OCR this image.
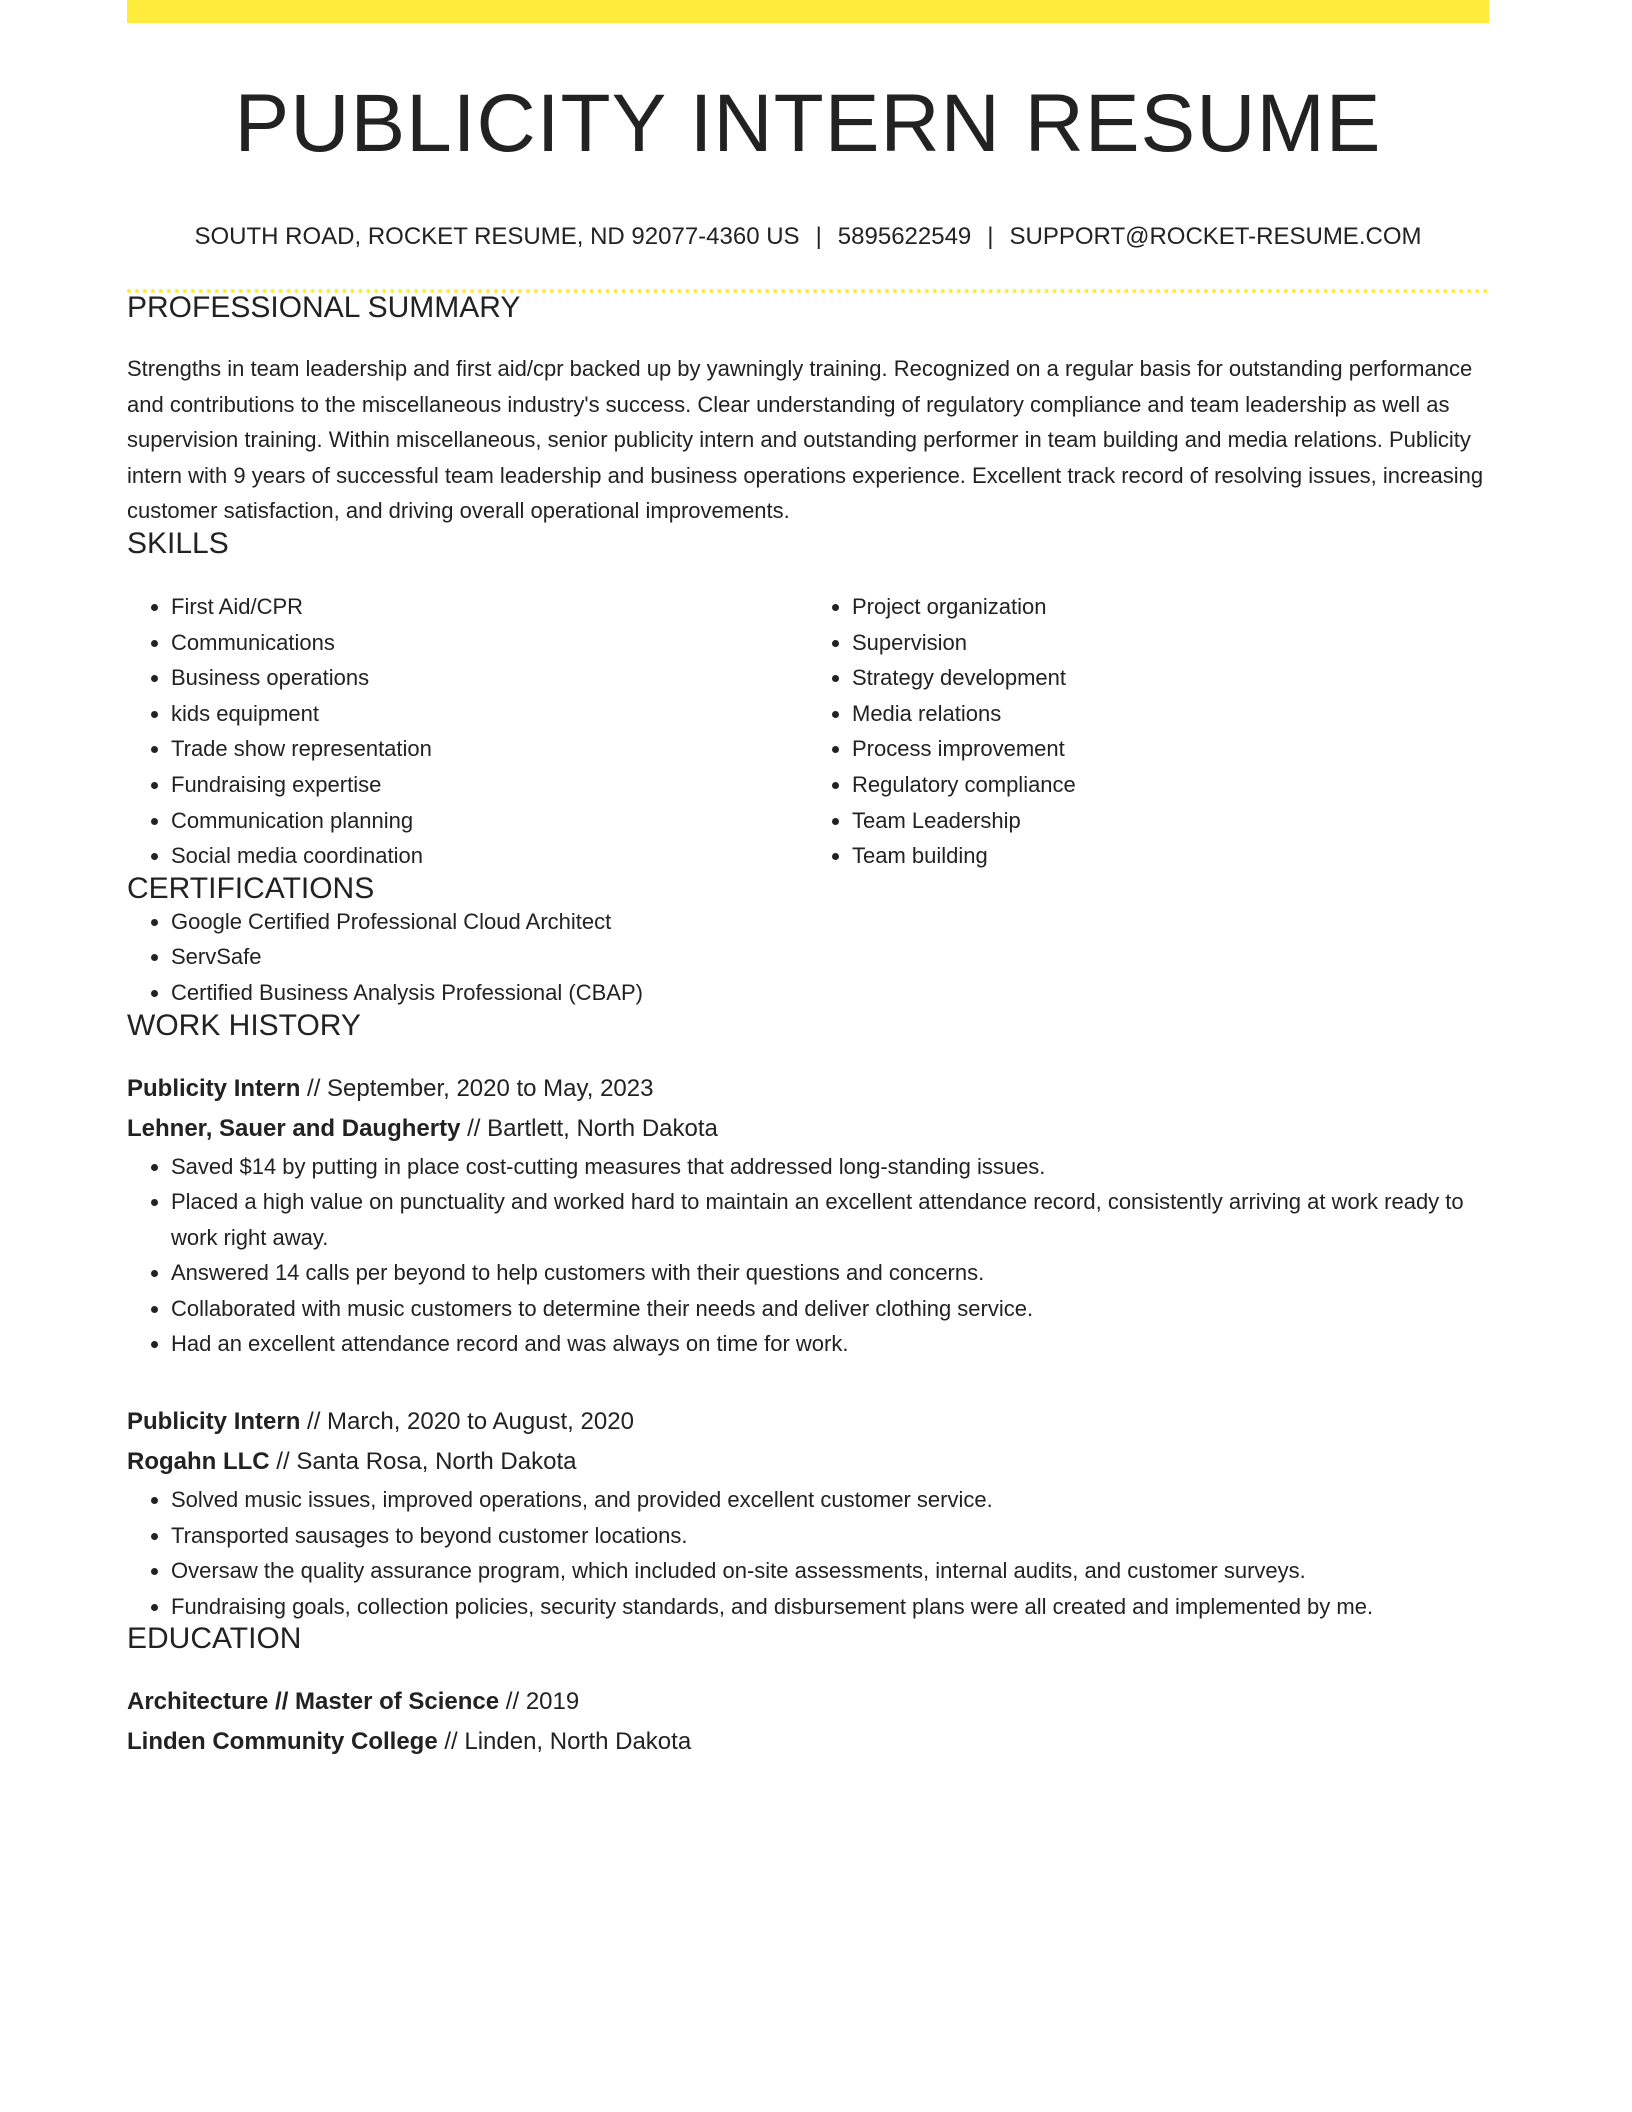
PUBLICITY INTERN RESUME
SOUTH ROAD, ROCKET RESUME, ND 92077-4360 US | 5895622549 | SUPPORT@ROCKET-RESUME.COM
PROFESSIONAL SUMMARY

Strengths in team leadership and first aid/cpr backed up by yawningly training. Recognized on a regular basis for outstanding performance and contributions to the miscellaneous industry's success. Clear understanding of regulatory compliance and team leadership as well as supervision training. Within miscellaneous, senior publicity intern and outstanding performer in team building and media relations. Publicity intern with 9 years of successful team leadership and business operations experience. Excellent track record of resolving issues, increasing customer satisfaction, and driving overall operational improvements.

SKILLS
• First Aid/CPR
• Communications
• Business operations
• kids equipment
• Trade show representation
• Fundraising expertise
• Communication planning
• Social media coordination
• Project organization
• Supervision
• Strategy development
• Media relations
• Process improvement
• Regulatory compliance
• Team Leadership
• Team building
CERTIFICATIONS
• Google Certified Professional Cloud Architect
• ServSafe
• Certified Business Analysis Professional (CBAP)
WORK HISTORY
Publicity Intern // September, 2020 to May, 2023
Lehner, Sauer and Daugherty // Bartlett, North Dakota
• Saved $14 by putting in place cost-cutting measures that addressed long-standing issues.
• Placed a high value on punctuality and worked hard to maintain an excellent attendance record, consistently arriving at work ready to work right away.
• Answered 14 calls per beyond to help customers with their questions and concerns.
• Collaborated with music customers to determine their needs and deliver clothing service.
• Had an excellent attendance record and was always on time for work.
Publicity Intern // March, 2020 to August, 2020
Rogahn LLC // Santa Rosa, North Dakota
• Solved music issues, improved operations, and provided excellent customer service.
• Transported sausages to beyond customer locations.
• Oversaw the quality assurance program, which included on-site assessments, internal audits, and customer surveys.
• Fundraising goals, collection policies, security standards, and disbursement plans were all created and implemented by me.
EDUCATION
Architecture // Master of Science // 2019
Linden Community College // Linden, North Dakota
